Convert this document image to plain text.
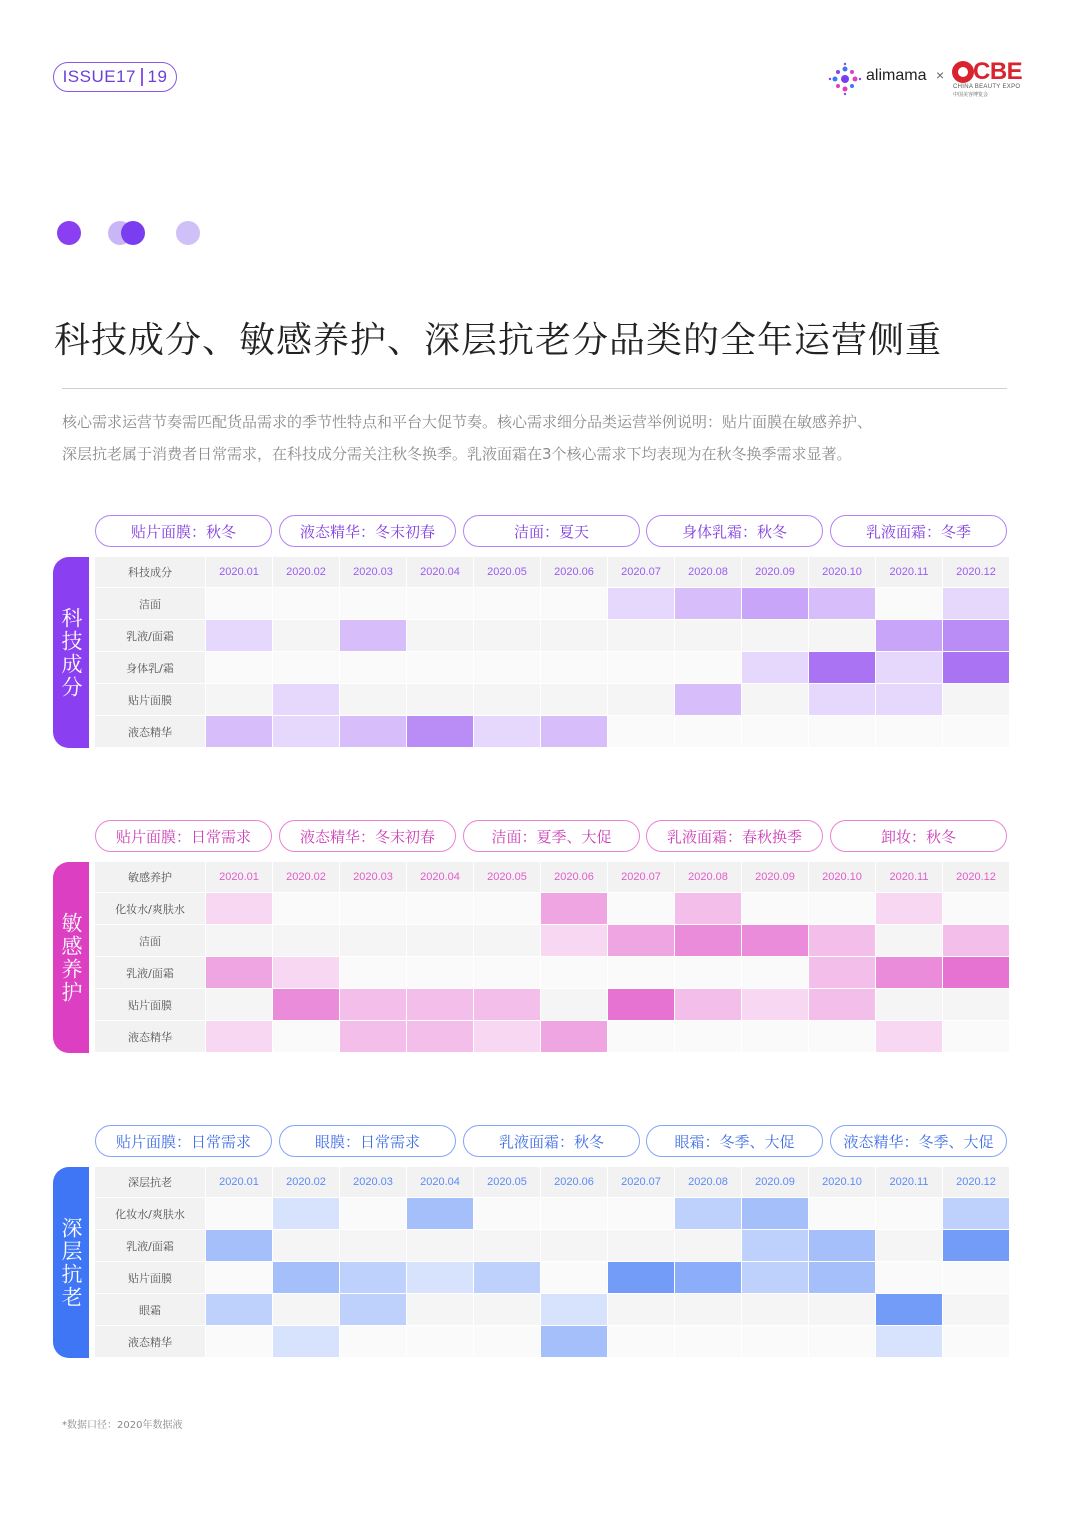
ISSUE17 19	alimama × CBE
CHINA BEAUTY EXPO
中国美容博览会
科技成分、敏感养护、深层抗老分品类的全年运营侧重

核心需求运营节奏需匹配货品需求的季节性特点和平台大促节奏。核心需求细分品类运营举例说明：贴片面膜在敏感养护、

深层抗老属于消费者日常需求，在科技成分需关注秋冬换季。乳液面霜在3个核心需求下均表现为在秋冬换季需求显著。

贴片面膜：秋冬	液态精华：冬末初春	洁面：夏天	身体乳霜：秋冬	乳液面霜：冬季
科技成分
科技成分	2020.01	2020.02	2020.03	2020.04	2020.05	2020.06	2020.07	2020.08	2020.09	2020.10	2020.11	2020.12
洁面
乳液/面霜
身体乳/霜
贴片面膜
液态精华
贴片面膜：日常需求	液态精华：冬末初春	洁面：夏季、大促	乳液面霜：春秋换季	卸妆：秋冬
敏感养护
敏感养护	2020.01	2020.02	2020.03	2020.04	2020.05	2020.06	2020.07	2020.08	2020.09	2020.10	2020.11	2020.12
化妆水/爽肤水
洁面
乳液/面霜
贴片面膜
液态精华
贴片面膜：日常需求	眼膜：日常需求	乳液面霜：秋冬	眼霜：冬季、大促	液态精华：冬季、大促
深层抗老
深层抗老	2020.01	2020.02	2020.03	2020.04	2020.05	2020.06	2020.07	2020.08	2020.09	2020.10	2020.11	2020.12
化妆水/爽肤水
乳液/面霜
贴片面膜
眼霜
液态精华
*数据口径：2020年数据液
